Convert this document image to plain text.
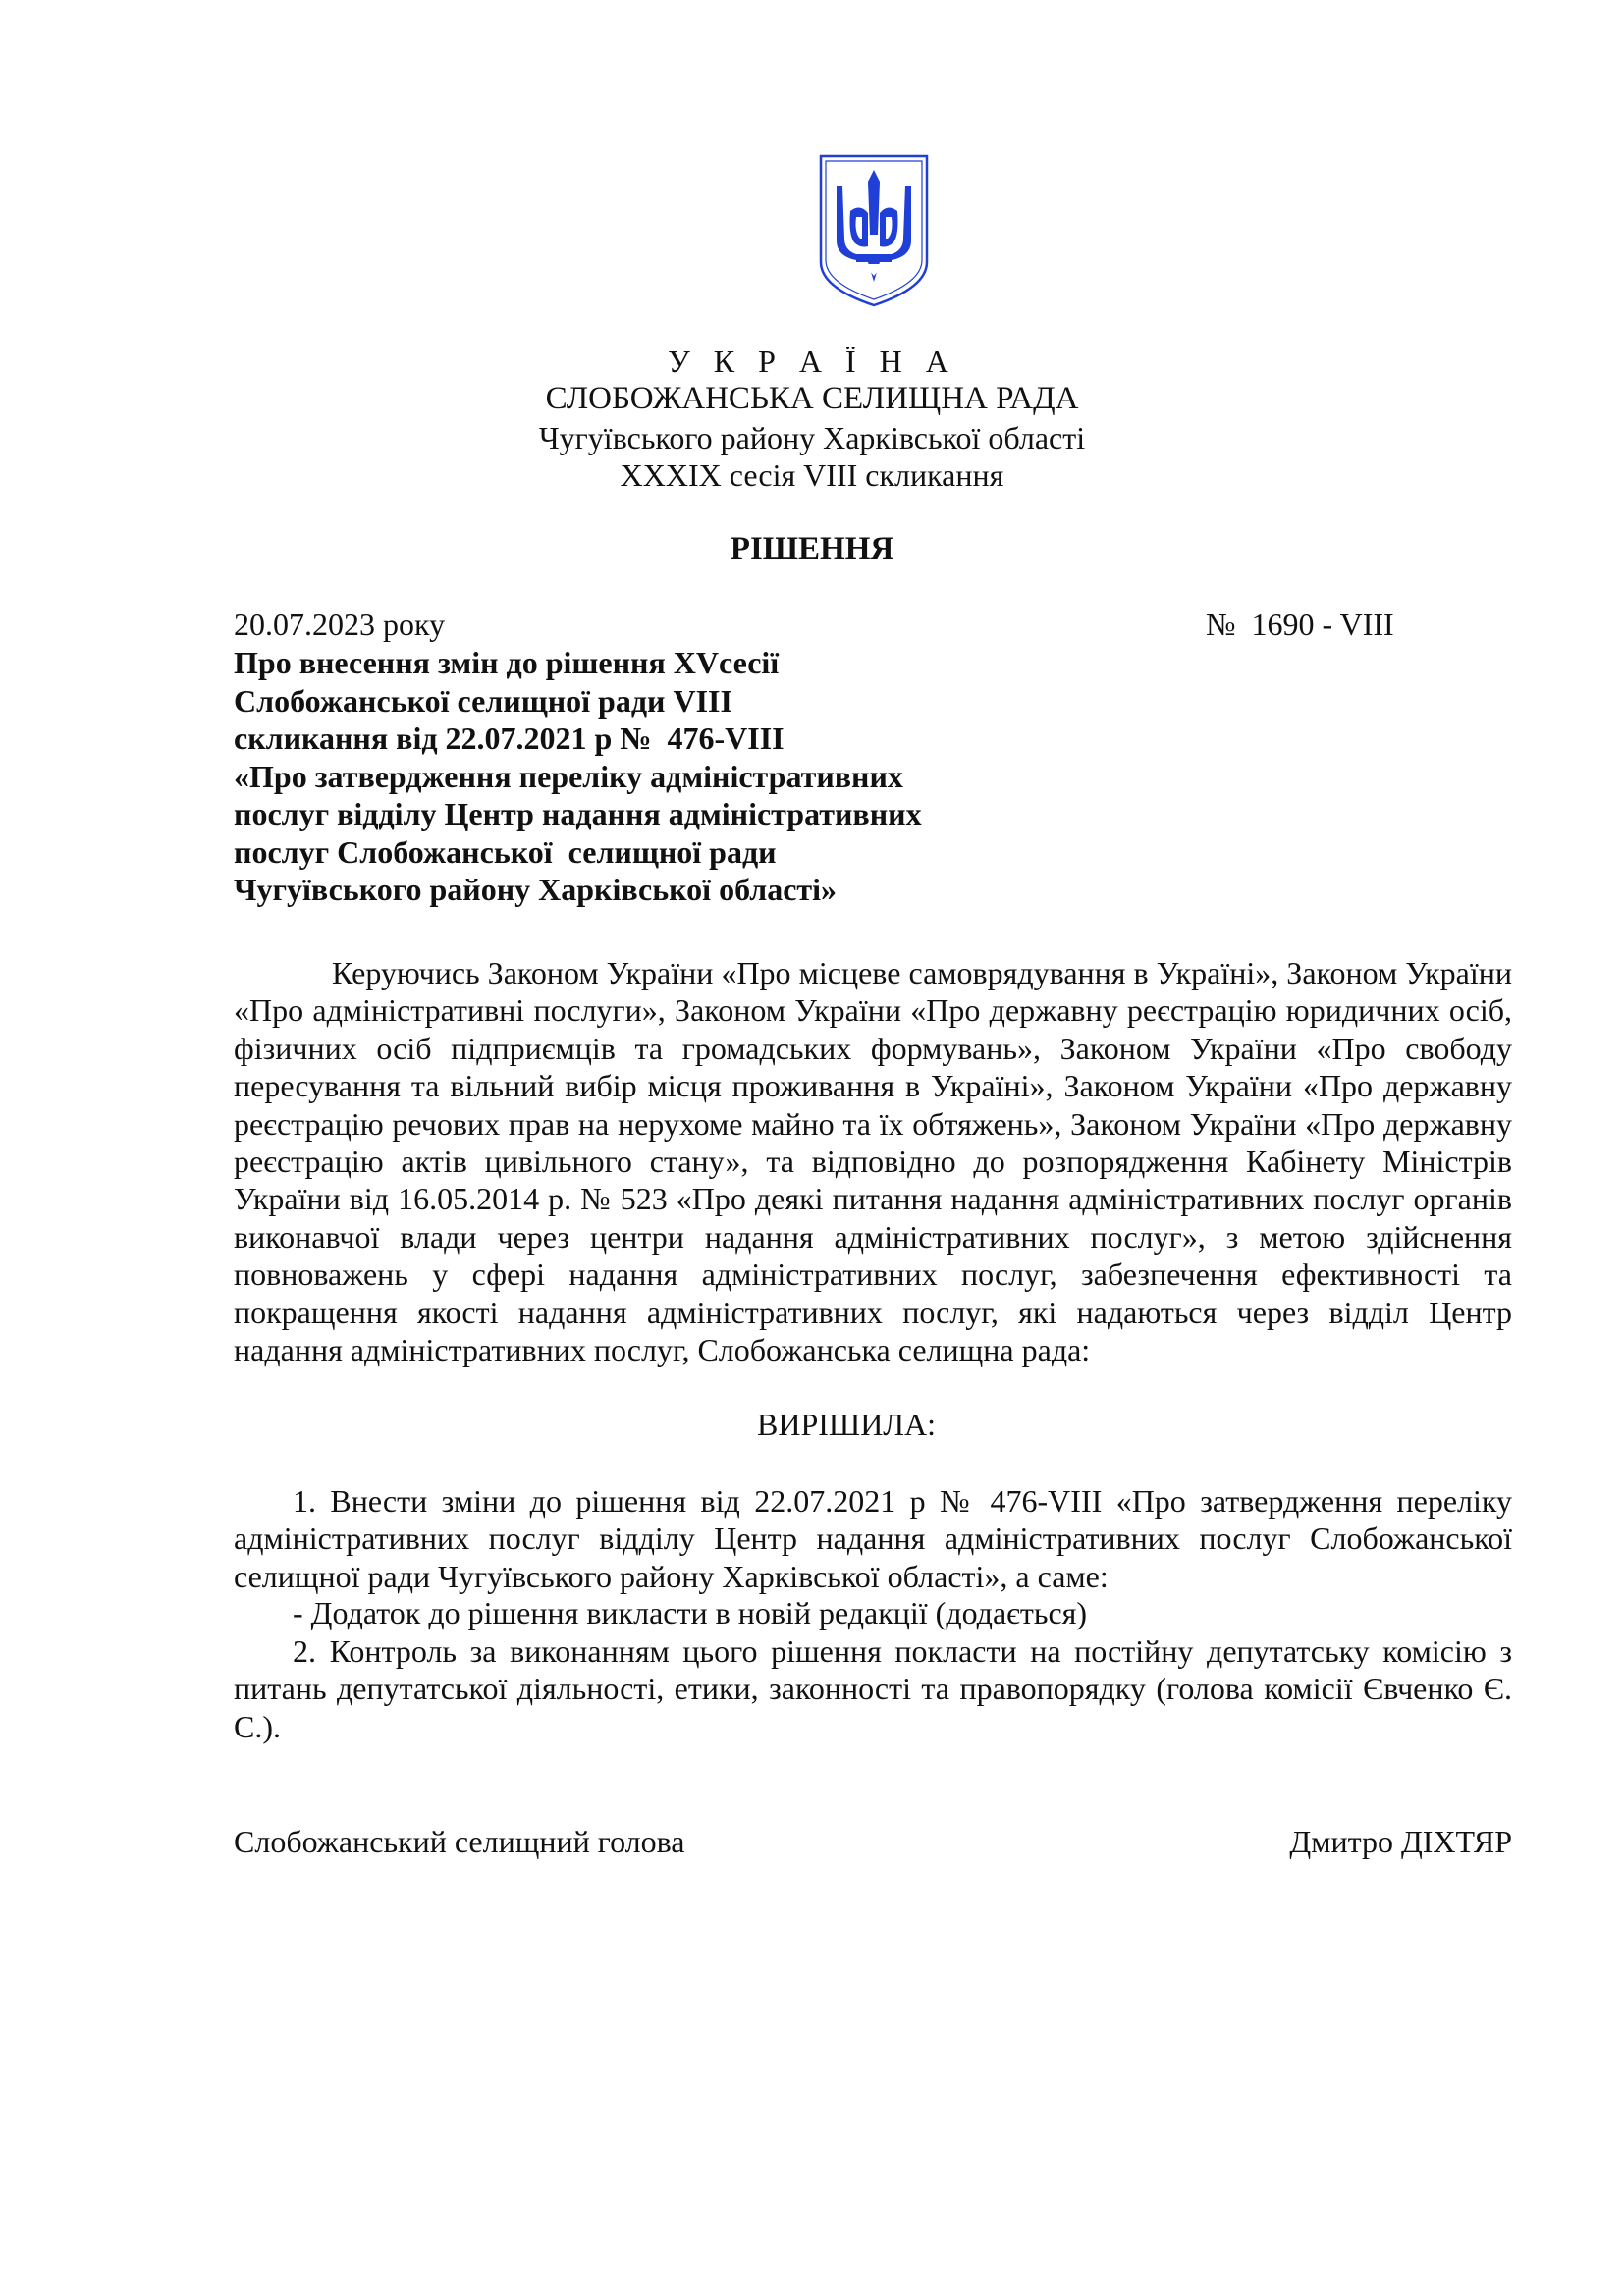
У К Р А Ї Н А
СЛОБОЖАНСЬКА СЕЛИЩНА РАДА
Чугуївського району Харківської області
XXXIX сесія VIII скликання
РІШЕННЯ
20.07.2023 року	№  1690 - VIII
Про внесення змін до рішення XVсесії
Слобожанської селищної ради VIII
скликання від 22.07.2021 р №  476-VIII
«Про затвердження переліку адміністративних
послуг відділу Центр надання адміністративних
послуг Слобожанської  селищної ради
Чугуївського району Харківської області»
Керуючись Законом України «Про місцеве самоврядування в Україні», Законом України «Про адміністративні послуги», Законом України «Про державну реєстрацію юридичних осіб, фізичних осіб підприємців та громадських формувань», Законом України «Про свободу пересування та вільний вибір місця проживання в Україні», Законом України «Про державну реєстрацію речових прав на нерухоме майно та їх обтяжень», Законом України «Про державну реєстрацію актів цивільного стану», та відповідно до розпорядження Кабінету Міністрів України від 16.05.2014 р. № 523 «Про деякі питання надання адміністративних послуг органів виконавчої влади через центри надання адміністративних послуг», з метою здійснення повноважень у сфері надання адміністративних послуг, забезпечення ефективності та покращення якості надання адміністративних послуг, які надаються через відділ Центр надання адміністративних послуг, Слобожанська селищна рада:
ВИРІШИЛА:
1. Внести зміни до рішення від 22.07.2021 р № 476-VIII «Про затвердження переліку адміністративних послуг відділу Центр надання адміністративних послуг Слобожанської селищної ради Чугуївського району Харківської області», а саме:
- Додаток до рішення викласти в новій редакції (додається)
2. Контроль за виконанням цього рішення покласти на постійну депутатську комісію з питань депутатської діяльності, етики, законності та правопорядку (голова комісії Євченко Є. С.).
Слобожанський селищний голова	Дмитро ДІХТЯР
